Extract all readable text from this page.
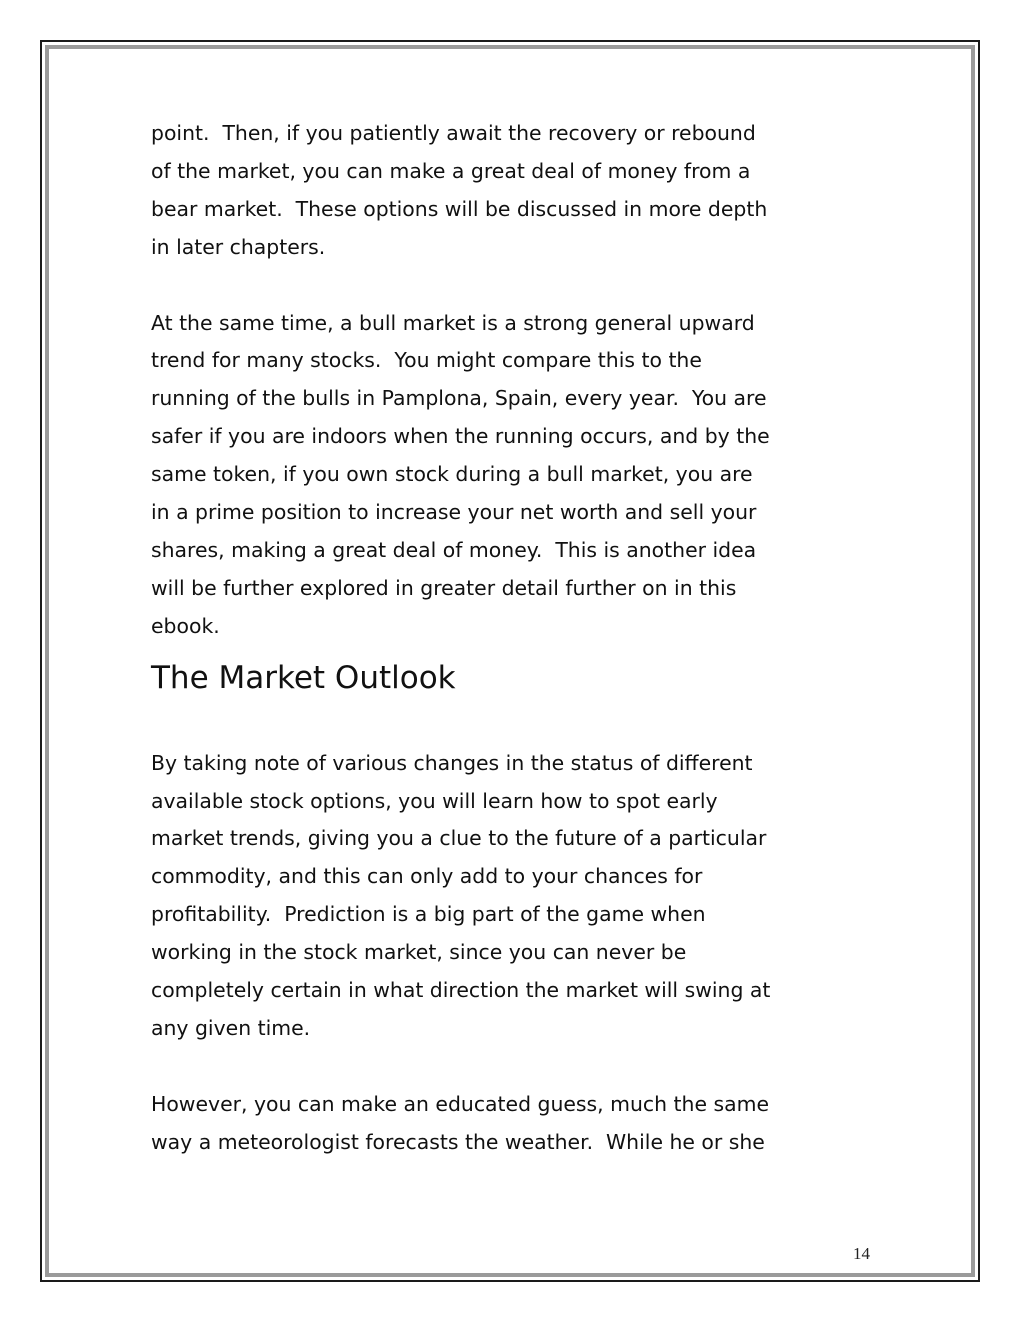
point.  Then, if you patiently await the recovery or rebound
of the market, you can make a great deal of money from a
bear market.  These options will be discussed in more depth
in later chapters.

At the same time, a bull market is a strong general upward
trend for many stocks.  You might compare this to the
running of the bulls in Pamplona, Spain, every year.  You are
safer if you are indoors when the running occurs, and by the
same token, if you own stock during a bull market, you are
in a prime position to increase your net worth and sell your
shares, making a great deal of money.  This is another idea
will be further explored in greater detail further on in this
ebook.

The Market Outlook

By taking note of various changes in the status of different
available stock options, you will learn how to spot early
market trends, giving you a clue to the future of a particular
commodity, and this can only add to your chances for
profitability.  Prediction is a big part of the game when
working in the stock market, since you can never be
completely certain in what direction the market will swing at
any given time.

However, you can make an educated guess, much the same
way a meteorologist forecasts the weather.  While he or she

14
